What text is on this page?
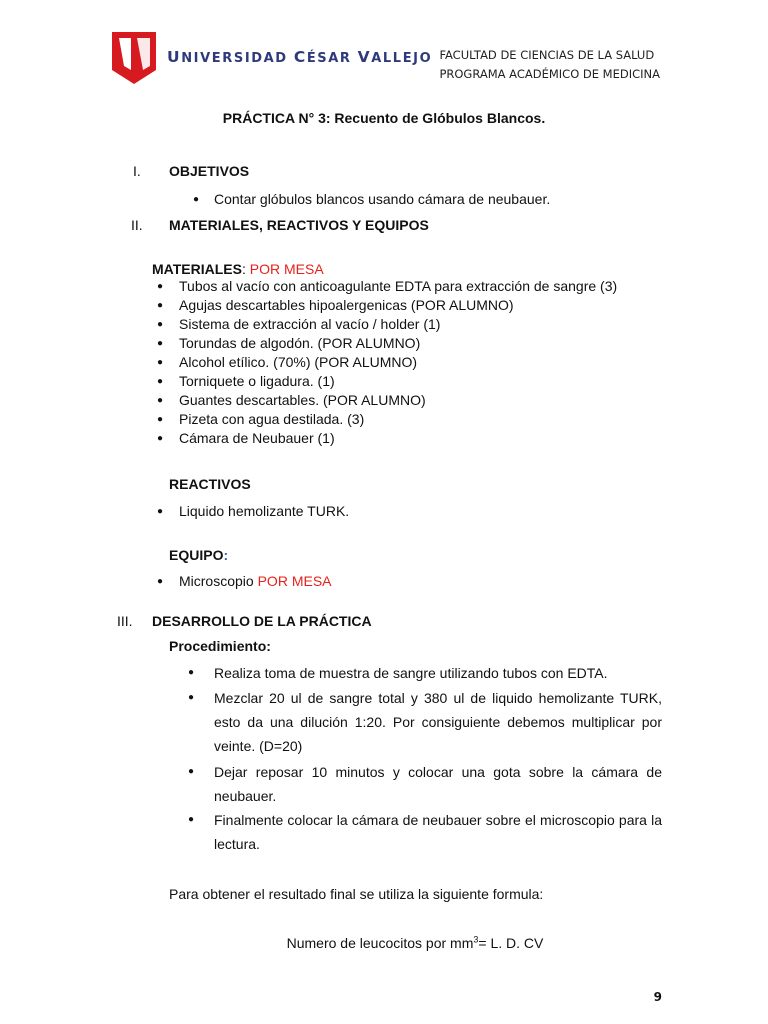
UNIVERSIDAD CÉSAR VALLEJO FACULTAD DE CIENCIAS DE LA SALUD
PROGRAMA ACADÉMICO DE MEDICINA
PRÁCTICA N° 3: Recuento de Glóbulos Blancos.
I. OBJETIVOS
● Contar glóbulos blancos usando cámara de neubauer.
II. MATERIALES, REACTIVOS Y EQUIPOS
MATERIALES: POR MESA
● Tubos al vacío con anticoagulante EDTA para extracción de sangre (3)
● Agujas descartables hipoalergenicas (POR ALUMNO)
● Sistema de extracción al vacío / holder (1)
● Torundas de algodón. (POR ALUMNO)
● Alcohol etílico. (70%) (POR ALUMNO)
● Torniquete o ligadura. (1)
● Guantes descartables. (POR ALUMNO)
● Pizeta con agua destilada. (3)
● Cámara de Neubauer (1)
REACTIVOS
● Liquido hemolizante TURK.
EQUIPO:
● Microscopio POR MESA
III. DESARROLLO DE LA PRÁCTICA
Procedimiento:
● Realiza toma de muestra de sangre utilizando tubos con EDTA.
● Mezclar 20 ul de sangre total y 380 ul de liquido hemolizante TURK, esto da una dilución 1:20. Por consiguiente debemos multiplicar por veinte. (D=20)
● Dejar reposar 10 minutos y colocar una gota sobre la cámara de neubauer.
● Finalmente colocar la cámara de neubauer sobre el microscopio para la lectura.
Para obtener el resultado final se utiliza la siguiente formula:
Numero de leucocitos por $mm^3= L$. D. CV
9
